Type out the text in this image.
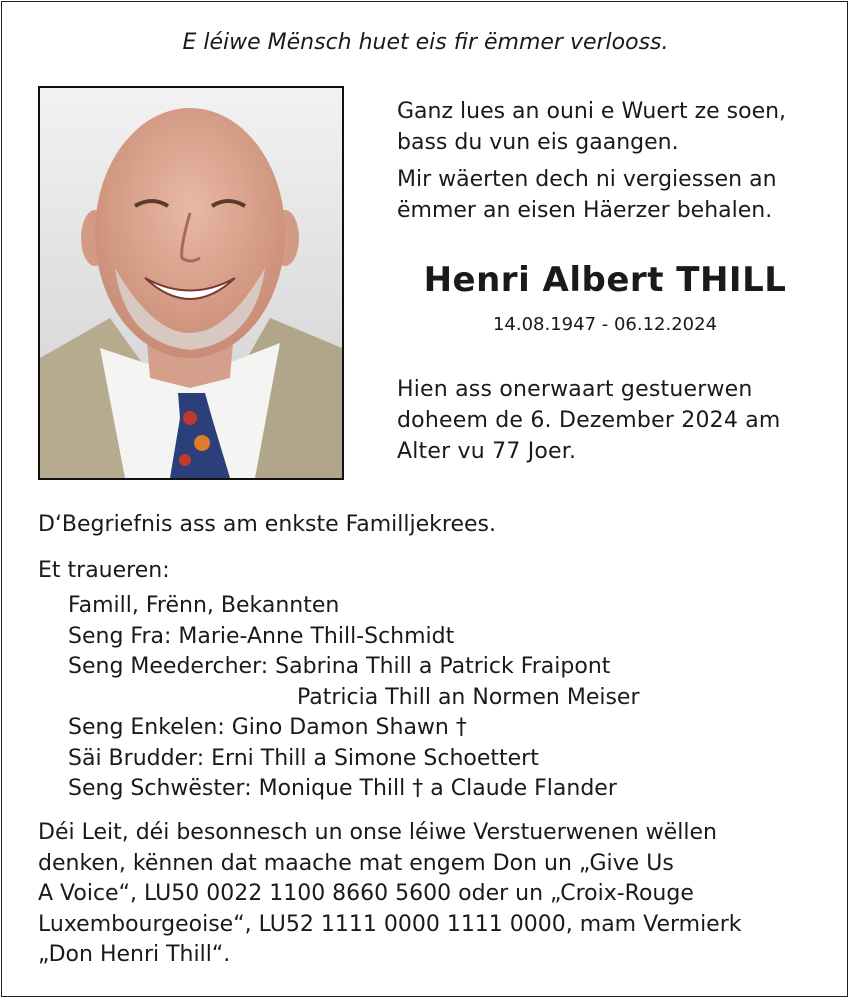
E léiwe Mënsch huet eis fir ëmmer verlooss.

Ganz lues an ouni e Wuert ze soen,
bass du vun eis gaangen.

Mir wäerten dech ni vergiessen an
ëmmer an eisen Häerzer behalen.

Henri Albert THILL
14.08.1947 - 06.12.2024
Hien ass onerwaart gestuerwen
doheem de 6. Dezember 2024 am
Alter vu 77 Joer.
D‘Begriefnis ass am enkste Familljekrees.
Et traueren:
Famill, Frënn, Bekannten
Seng Fra: Marie-Anne Thill-Schmidt
Seng Meedercher: Sabrina Thill a Patrick Fraipont
Patricia Thill an Normen Meiser
Seng Enkelen: Gino Damon Shawn †
Säi Brudder: Erni Thill a Simone Schoettert
Seng Schwëster: Monique Thill † a Claude Flander
Déi Leit, déi besonnesch un onse léiwe Verstuerwenen wëllen
denken, kënnen dat maache mat engem Don un „Give Us
A Voice“, LU50 0022 1100 8660 5600 oder un „Croix-Rouge
Luxembourgeoise“, LU52 1111 0000 1111 0000, mam Vermierk
„Don Henri Thill“.
